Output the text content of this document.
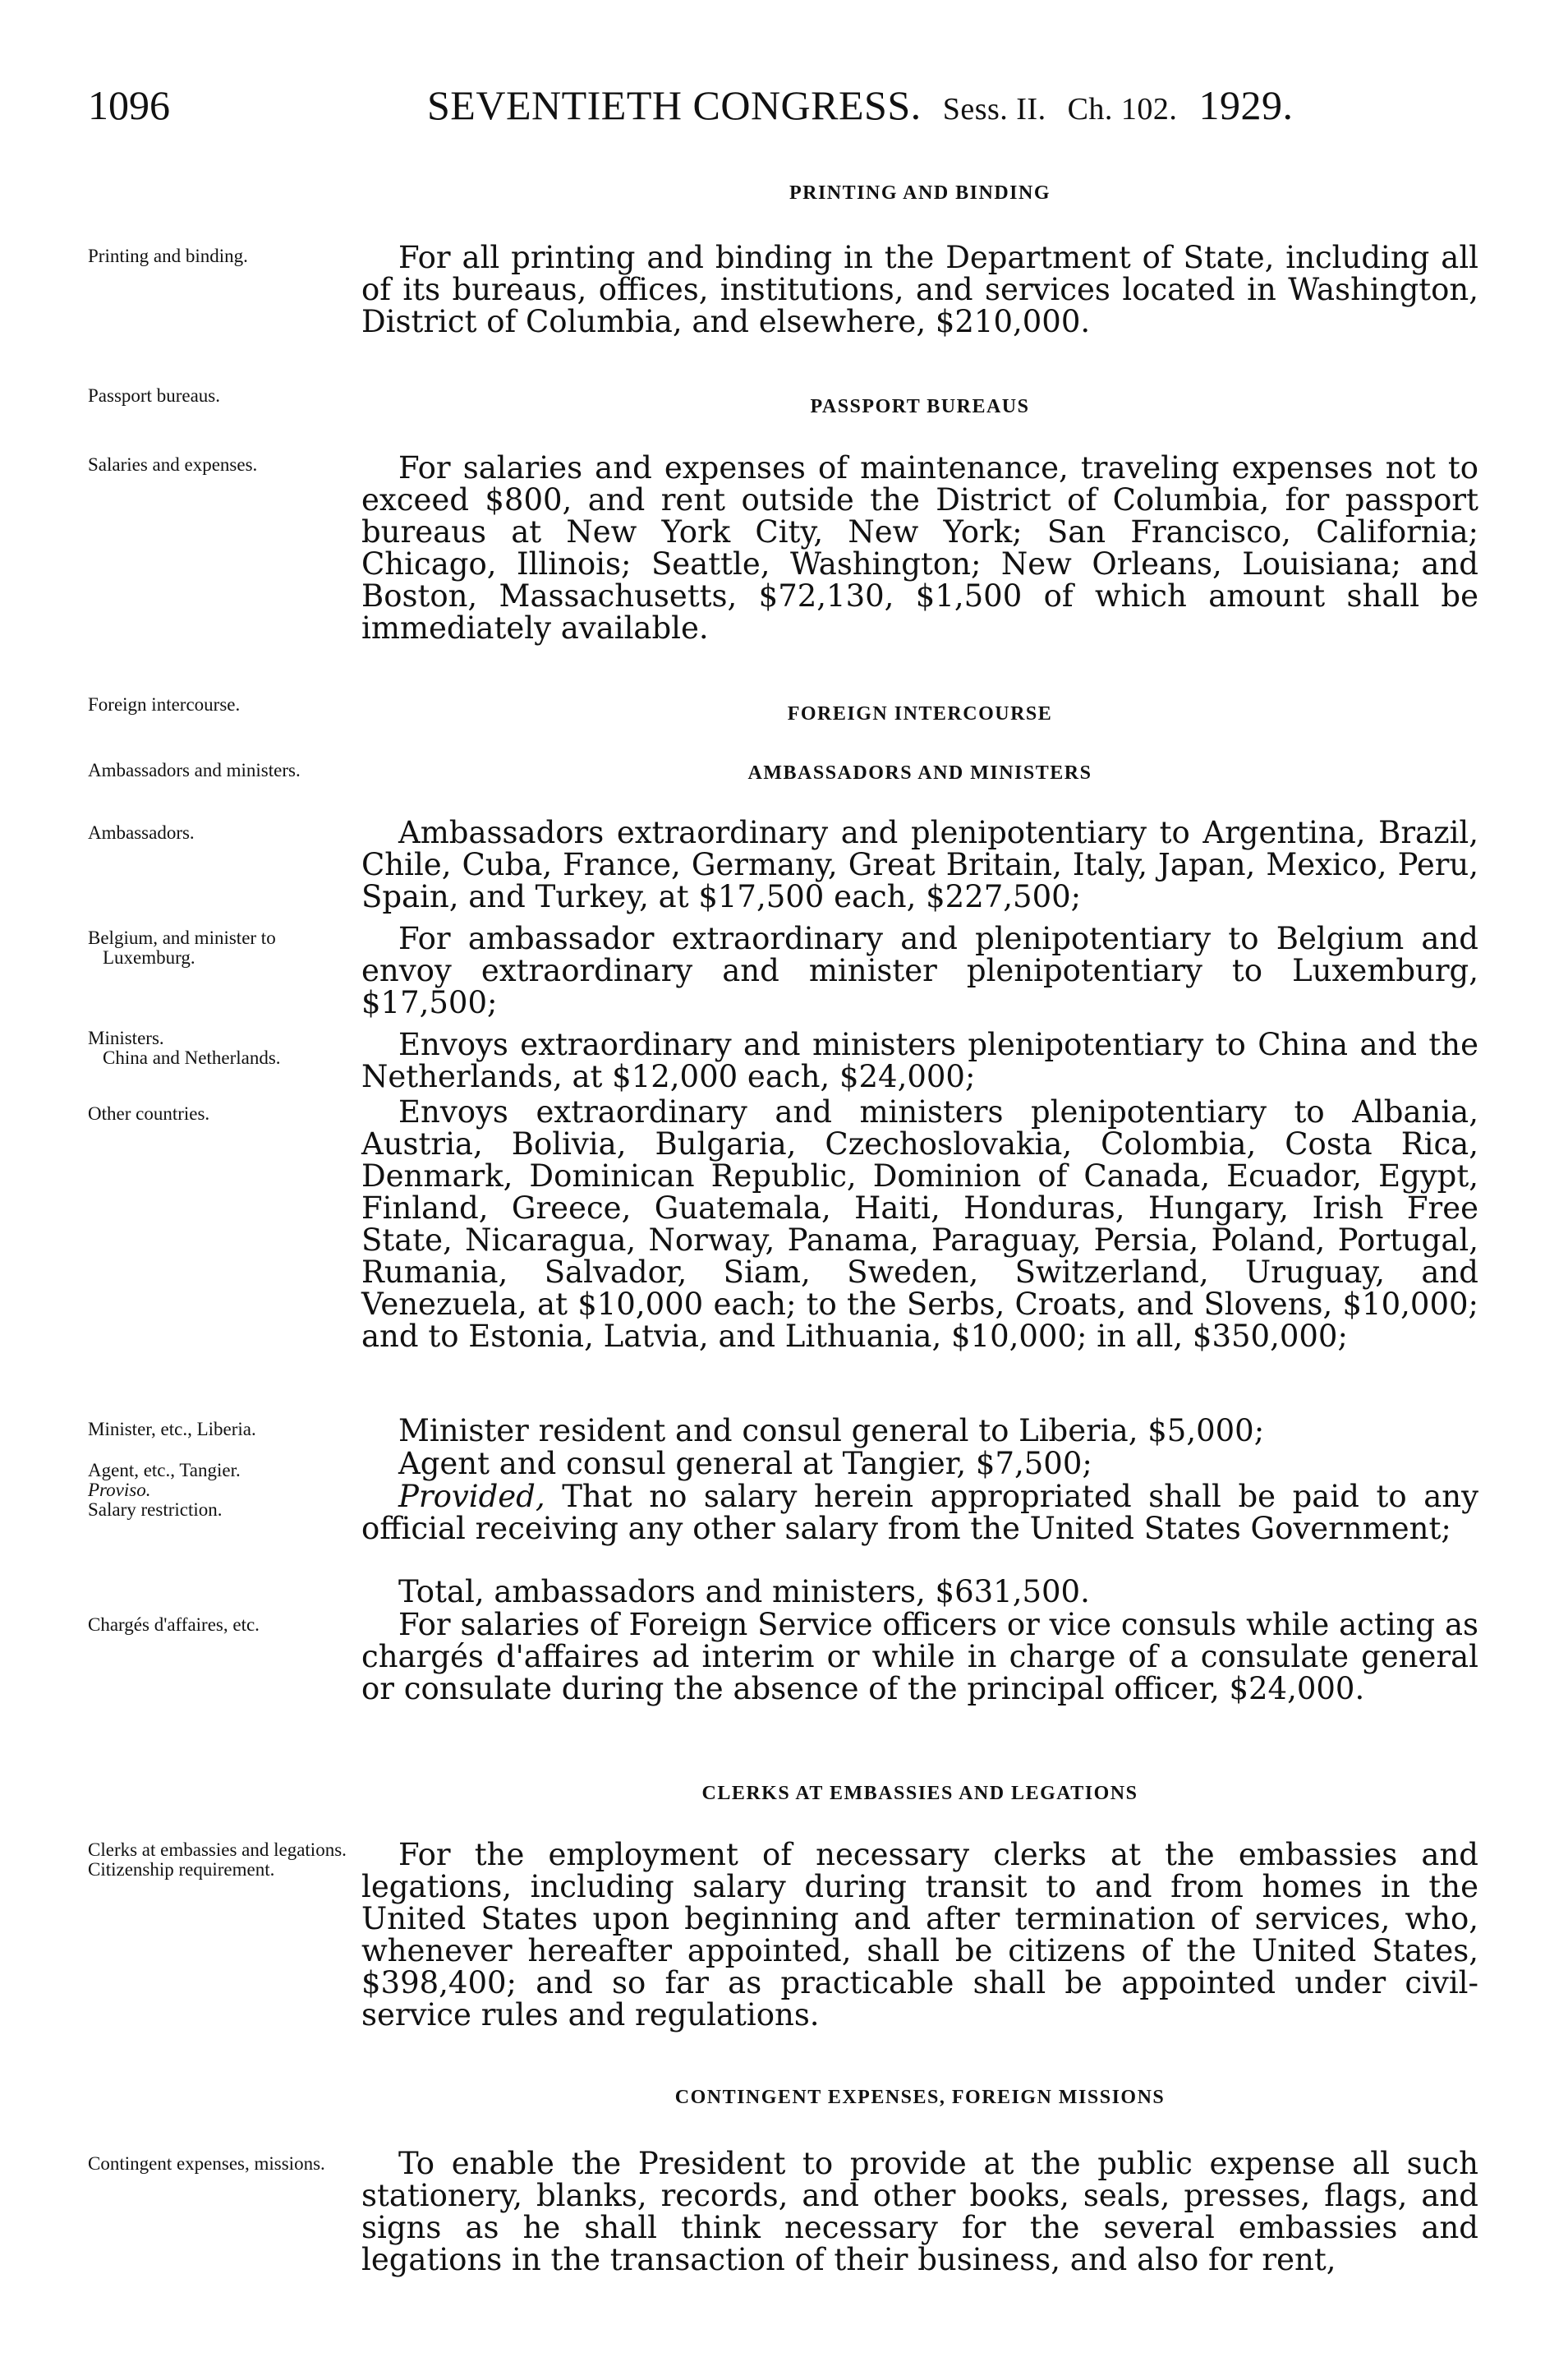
1096	SEVENTIETH CONGRESS. Sess. II. Ch. 102. 1929.
PRINTING AND BINDING
Printing and binding.	For all printing and binding in the Department of State, including all of its bureaus, offices, institutions, and services located in Washington, District of Columbia, and elsewhere, $210,000.
Passport bureaus.
PASSPORT BUREAUS
Salaries and expenses.	For salaries and expenses of maintenance, traveling expenses not to exceed $800, and rent outside the District of Columbia, for passport bureaus at New York City, New York; San Francisco, California; Chicago, Illinois; Seattle, Washington; New Orleans, Louisiana; and Boston, Massachusetts, $72,130, $1,500 of which amount shall be immediately available.
Foreign intercourse.	FOREIGN INTERCOURSE
Ambassadors and ministers.	AMBASSADORS AND MINISTERS
Ambassadors.	Ambassadors extraordinary and plenipotentiary to Argentina, Brazil, Chile, Cuba, France, Germany, Great Britain, Italy, Japan, Mexico, Peru, Spain, and Turkey, at $17,500 each, $227,500;
Belgium, and minister to Luxemburg.
For ambassador extraordinary and plenipotentiary to Belgium and envoy extraordinary and minister plenipotentiary to Luxemburg, $17,500;
Ministers.
China and Netherlands.	Envoys extraordinary and ministers plenipotentiary to China and the Netherlands, at $12,000 each, $24,000;
Other countries.	Envoys extraordinary and ministers plenipotentiary to Albania, Austria, Bolivia, Bulgaria, Czechoslovakia, Colombia, Costa Rica, Denmark, Dominican Republic, Dominion of Canada, Ecuador, Egypt, Finland, Greece, Guatemala, Haiti, Honduras, Hungary, Irish Free State, Nicaragua, Norway, Panama, Paraguay, Persia, Poland, Portugal, Rumania, Salvador, Siam, Sweden, Switzerland, Uruguay, and Venezuela, at $10,000 each; to the Serbs, Croats, and Slovens, $10,000; and to Estonia, Latvia, and Lithuania, $10,000; in all, $350,000;
Minister, etc., Liberia.	Minister resident and consul general to Liberia, $5,000;
Agent, etc., Tangier.
Proviso.
Salary restriction.
Agent and consul general at Tangier, $7,500;
Provided, That no salary herein appropriated shall be paid to any official receiving any other salary from the United States Government;
Total, ambassadors and ministers, $631,500.
Chargés d'affaires, etc.	For salaries of Foreign Service officers or vice consuls while acting as chargés d'affaires ad interim or while in charge of a consulate general or consulate during the absence of the principal officer, $24,000.
CLERKS AT EMBASSIES AND LEGATIONS
Clerks at embassies and legations.
Citizenship requirement.	For the employment of necessary clerks at the embassies and legations, including salary during transit to and from homes in the United States upon beginning and after termination of services, who, whenever hereafter appointed, shall be citizens of the United States, $398,400; and so far as practicable shall be appointed under civil-service rules and regulations.
CONTINGENT EXPENSES, FOREIGN MISSIONS
Contingent expenses, missions.	To enable the President to provide at the public expense all such stationery, blanks, records, and other books, seals, presses, flags, and signs as he shall think necessary for the several embassies and legations in the transaction of their business, and also for rent,
